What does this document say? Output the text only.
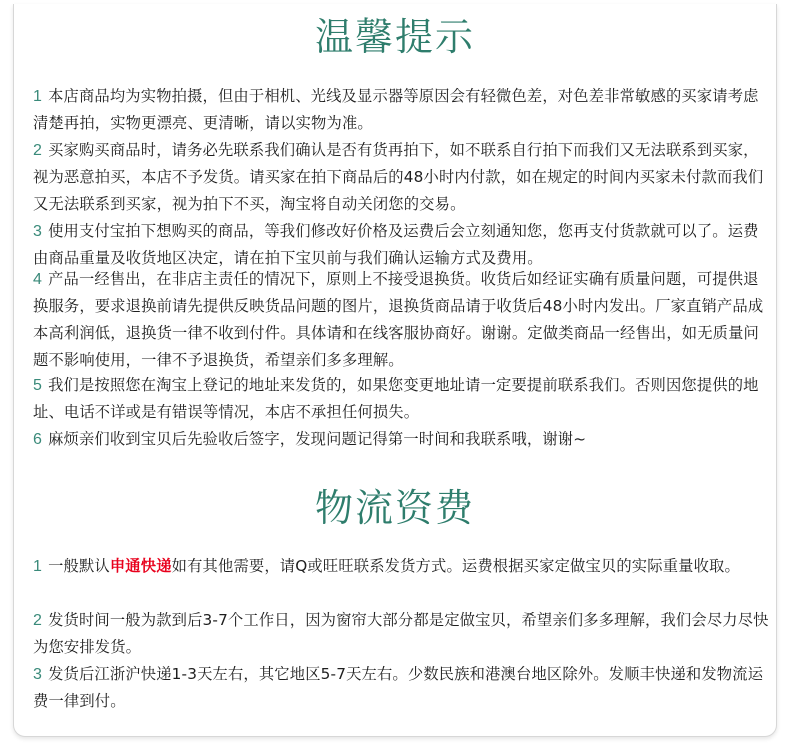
温馨提示

1 本店商品均为实物拍摄，但由于相机、光线及显示器等原因会有轻微色差，对色差非常敏感的买家请考虑清楚再拍，实物更漂亮、更清晰，请以实物为准。

2 买家购买商品时，请务必先联系我们确认是否有货再拍下，如不联系自行拍下而我们又无法联系到买家，视为恶意拍买，本店不予发货。请买家在拍下商品后的48小时内付款，如在规定的时间内买家未付款而我们又无法联系到买家，视为拍下不买，淘宝将自动关闭您的交易。

3 使用支付宝拍下想购买的商品，等我们修改好价格及运费后会立刻通知您，您再支付货款就可以了。运费由商品重量及收货地区决定，请在拍下宝贝前与我们确认运输方式及费用。

4 产品一经售出，在非店主责任的情况下，原则上不接受退换货。收货后如经证实确有质量问题，可提供退换服务，要求退换前请先提供反映货品问题的图片，退换货商品请于收货后48小时内发出。厂家直销产品成本高利润低，退换货一律不收到付件。具体请和在线客服协商好。谢谢。定做类商品一经售出，如无质量问题不影响使用，一律不予退换货，希望亲们多多理解。

5 我们是按照您在淘宝上登记的地址来发货的，如果您变更地址请一定要提前联系我们。否则因您提供的地址、电话不详或是有错误等情况，本店不承担任何损失。

6 麻烦亲们收到宝贝后先验收后签字，发现问题记得第一时间和我联系哦，谢谢~

物流资费

1 一般默认申通快递如有其他需要，请Q或旺旺联系发货方式。运费根据买家定做宝贝的实际重量收取。

2 发货时间一般为款到后3-7个工作日，因为窗帘大部分都是定做宝贝，希望亲们多多理解，我们会尽力尽快为您安排发货。

3 发货后江浙沪快递1-3天左右，其它地区5-7天左右。少数民族和港澳台地区除外。发顺丰快递和发物流运费一律到付。
